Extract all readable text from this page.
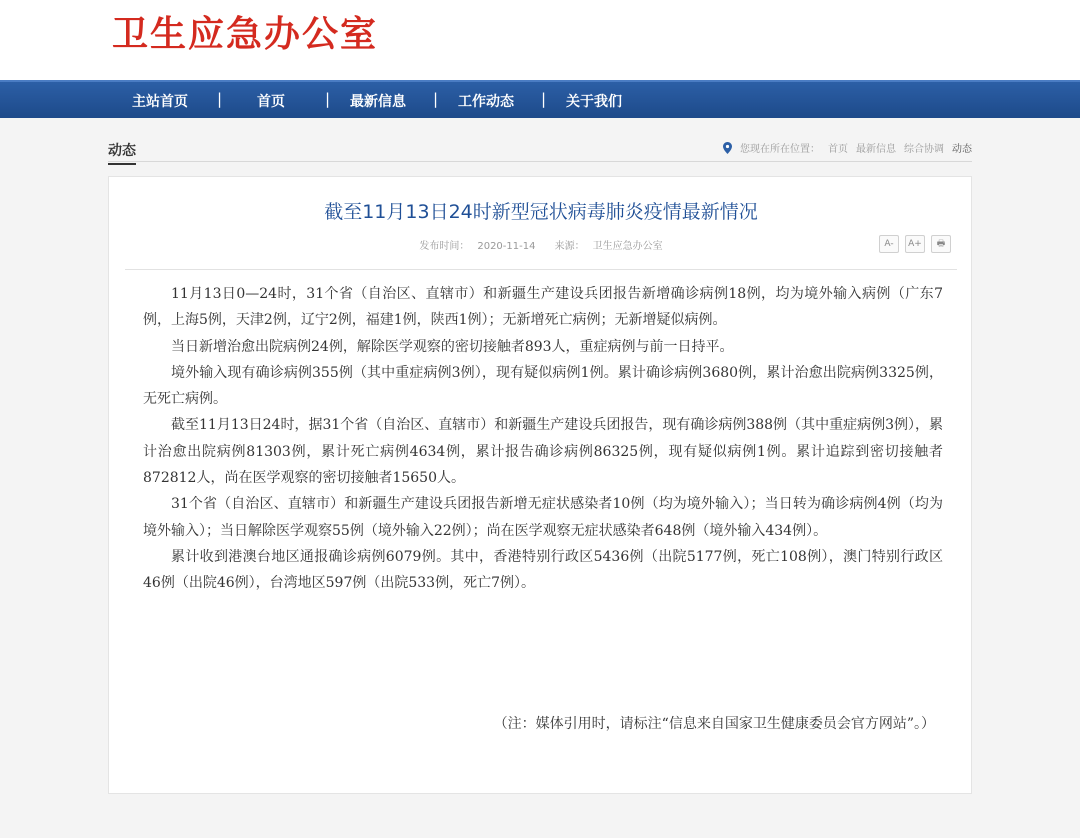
卫生应急办公室
主站首页 | 首页	| 最新信息 | 工作动态 | 关于我们
动态	您现在所在位置： 首页 最新信息 综合协调 动态
截至11月13日24时新型冠状病毒肺炎疫情最新情况
发布时间： 2020-11-14 来源： 卫生应急办公室	A-	A+	🖶

11月13日0—24时，31个省（自治区、直辖市）和新疆生产建设兵团报告新增确诊病例18例，均为境外输入病例（广东7例，上海5例，天津2例，辽宁2例，福建1例，陕西1例）；无新增死亡病例；无新增疑似病例。

当日新增治愈出院病例24例，解除医学观察的密切接触者893人，重症病例与前一日持平。

境外输入现有确诊病例355例（其中重症病例3例），现有疑似病例1例。累计确诊病例3680例，累计治愈出院病例3325例，无死亡病例。

截至11月13日24时，据31个省（自治区、直辖市）和新疆生产建设兵团报告，现有确诊病例388例（其中重症病例3例），累计治愈出院病例81303例，累计死亡病例4634例，累计报告确诊病例86325例，现有疑似病例1例。累计追踪到密切接触者872812人，尚在医学观察的密切接触者15650人。

31个省（自治区、直辖市）和新疆生产建设兵团报告新增无症状感染者10例（均为境外输入）；当日转为确诊病例4例（均为境外输入）；当日解除医学观察55例（境外输入22例）；尚在医学观察无症状感染者648例（境外输入434例）。

累计收到港澳台地区通报确诊病例6079例。其中，香港特别行政区5436例（出院5177例，死亡108例），澳门特别行政区46例（出院46例），台湾地区597例（出院533例，死亡7例）。

（注：媒体引用时，请标注“信息来自国家卫生健康委员会官方网站”。）
